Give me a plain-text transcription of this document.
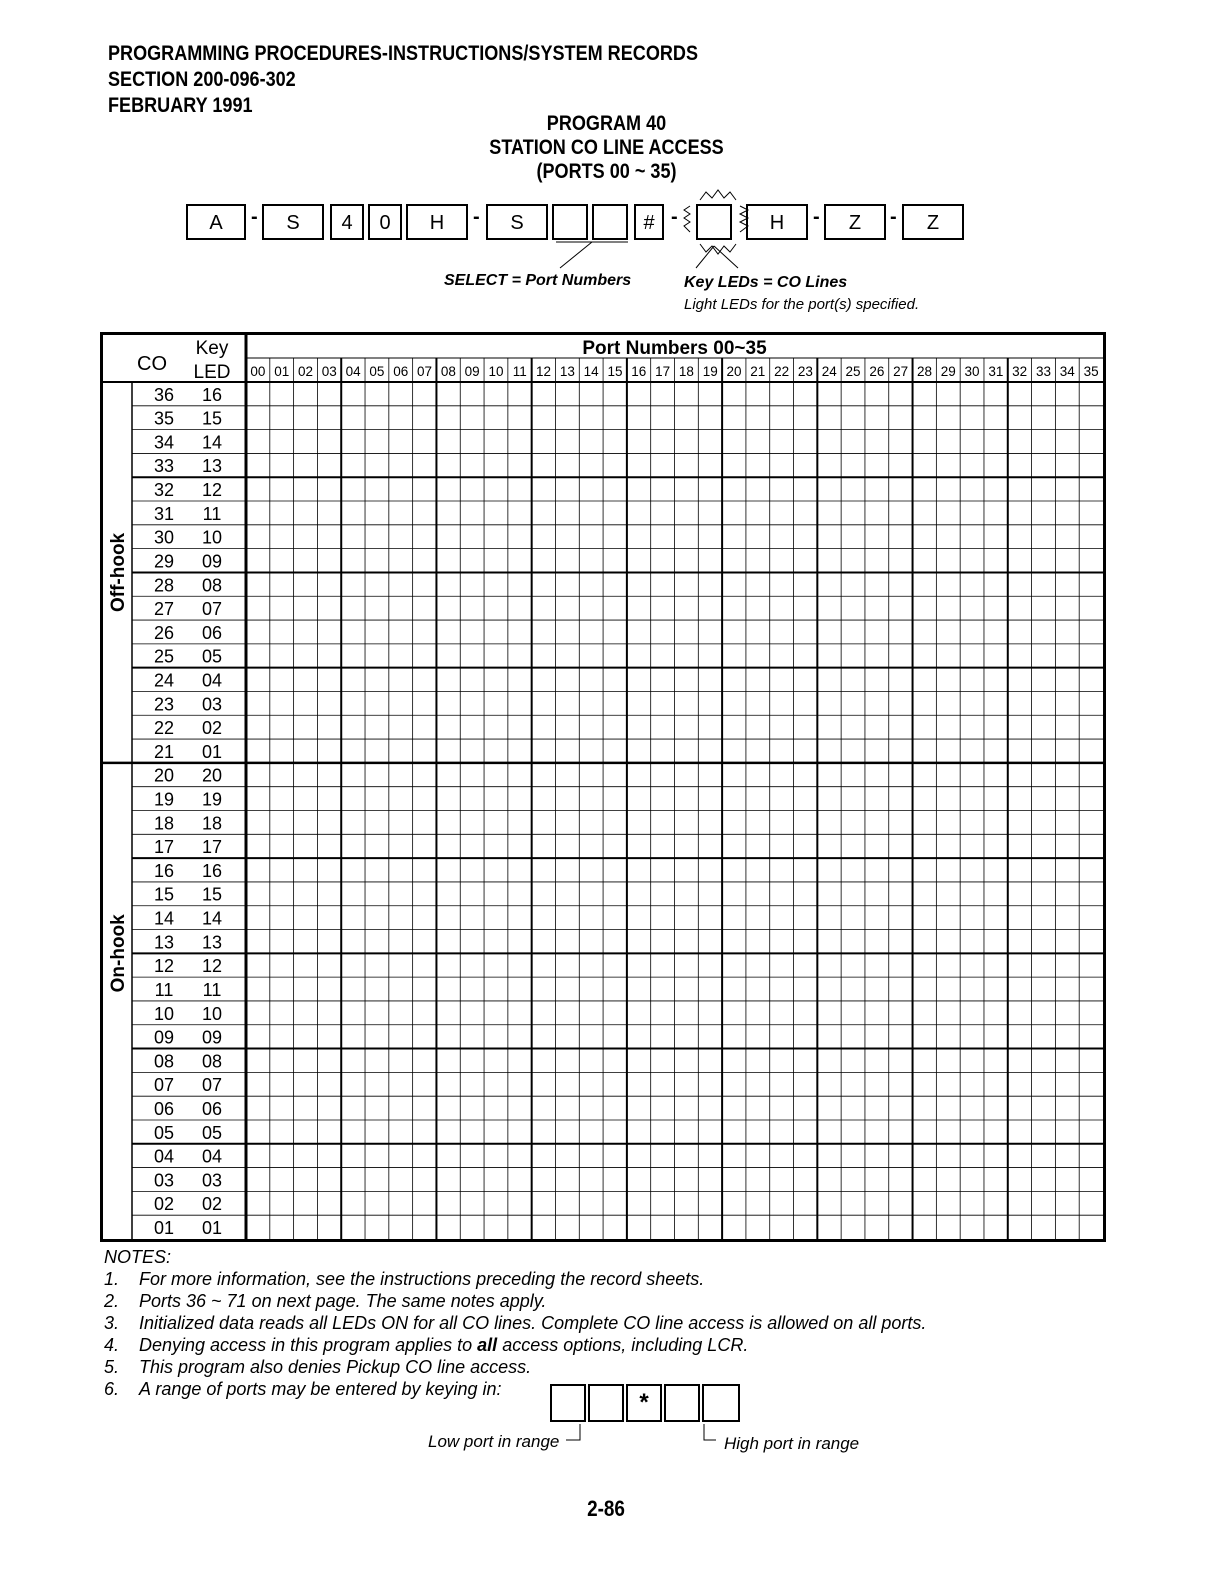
PROGRAMMING PROCEDURES-INSTRUCTIONS/SYSTEM RECORDS
SECTION 200-096-302
FEBRUARY 1991
PROGRAM 40
STATION CO LINE ACCESS
(PORTS 00 ~ 35)
A	-	S	4	0	H	-	S	# -	H	-	Z	-	Z
SELECT = Port Numbers	Key LEDs = CO Lines
Light LEDs for the port(s) specified.
CO
Key
LED
Port Numbers 00~35
00 01 02 03 04 05 06 07 08 09 10 11 12 13 14 15 16 17 18 19 20 21 22 23 24 25 26 27 28 29 30 31 32 33 34 35
36 16
35 15
34 14
33 13
32 12
31 11
30 10
29 09
28 08
27 07
26 06
25 05
24 04
23 03
22 02
21 01
20 20
19 19
18 18
17 17
16 16
15 15
14 14
13 13
12 12
11 11
10 10
09 09
08 08
07 07
06 06
05 05
04 04
03 03
02 02
01 01
Off-hook
On-hook
NOTES:
1.	For more information, see the instructions preceding the record sheets.
2.	Ports 36 ~ 71 on next page. The same notes apply.
3.	Initialized data reads all LEDs ON for all CO lines. Complete CO line access is allowed on all ports.
4.	Denying access in this program applies to all access options, including LCR.
5.	This program also denies Pickup CO line access.
6.	A range of ports may be entered by keying in:	*
Low port in range	High port in range
2-86
